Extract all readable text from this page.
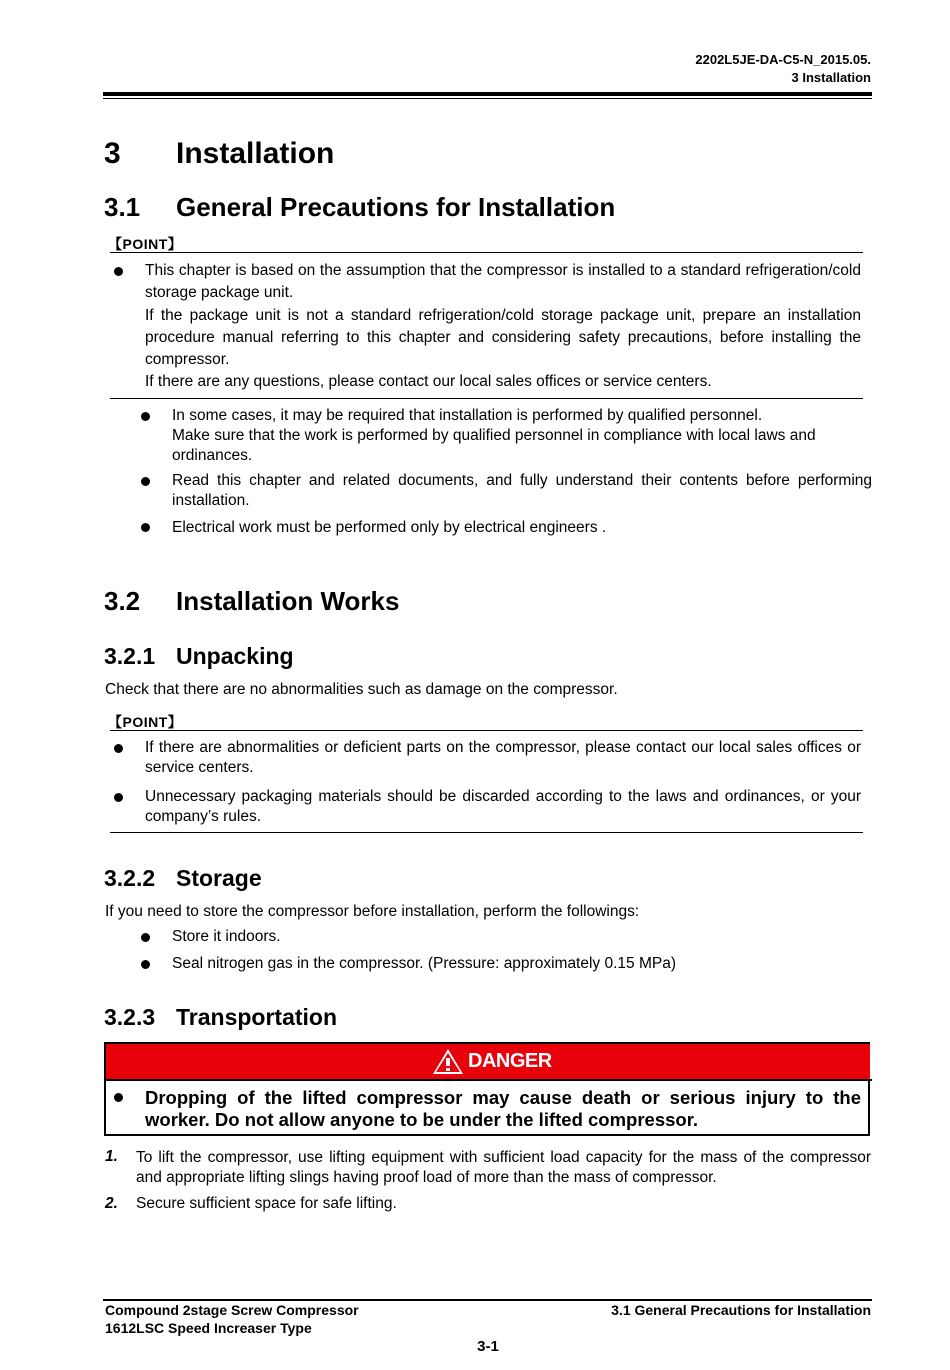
2202L5JE-DA-C5-N_2015.05.
3 Installation
3 Installation
3.1 General Precautions for Installation
【POINT】
This chapter is based on the assumption that the compressor is installed to a standard refrigeration/cold storage package unit.
If the package unit is not a standard refrigeration/cold storage package unit, prepare an installation procedure manual referring to this chapter and considering safety precautions, before installing the compressor.
If there are any questions, please contact our local sales offices or service centers.
In some cases, it may be required that installation is performed by qualified personnel.
Make sure that the work is performed by qualified personnel in compliance with local laws and ordinances.
Read this chapter and related documents, and fully understand their contents before performing installation.
Electrical work must be performed only by electrical engineers .
3.2 Installation Works
3.2.1 Unpacking
Check that there are no abnormalities such as damage on the compressor.
【POINT】
If there are abnormalities or deficient parts on the compressor, please contact our local sales offices or service centers.
Unnecessary packaging materials should be discarded according to the laws and ordinances, or your company’s rules.
3.2.2 Storage
If you need to store the compressor before installation, perform the followings:
Store it indoors.
Seal nitrogen gas in the compressor. (Pressure: approximately 0.15 MPa)
3.2.3 Transportation
DANGER
Dropping of the lifted compressor may cause death or serious injury to the worker. Do not allow anyone to be under the lifted compressor.
1. To lift the compressor, use lifting equipment with sufficient load capacity for the mass of the compressor and appropriate lifting slings having proof load of more than the mass of compressor.
2. Secure sufficient space for safe lifting.
Compound 2stage Screw Compressor
1612LSC Speed Increaser Type
3.1 General Precautions for Installation
3-1
